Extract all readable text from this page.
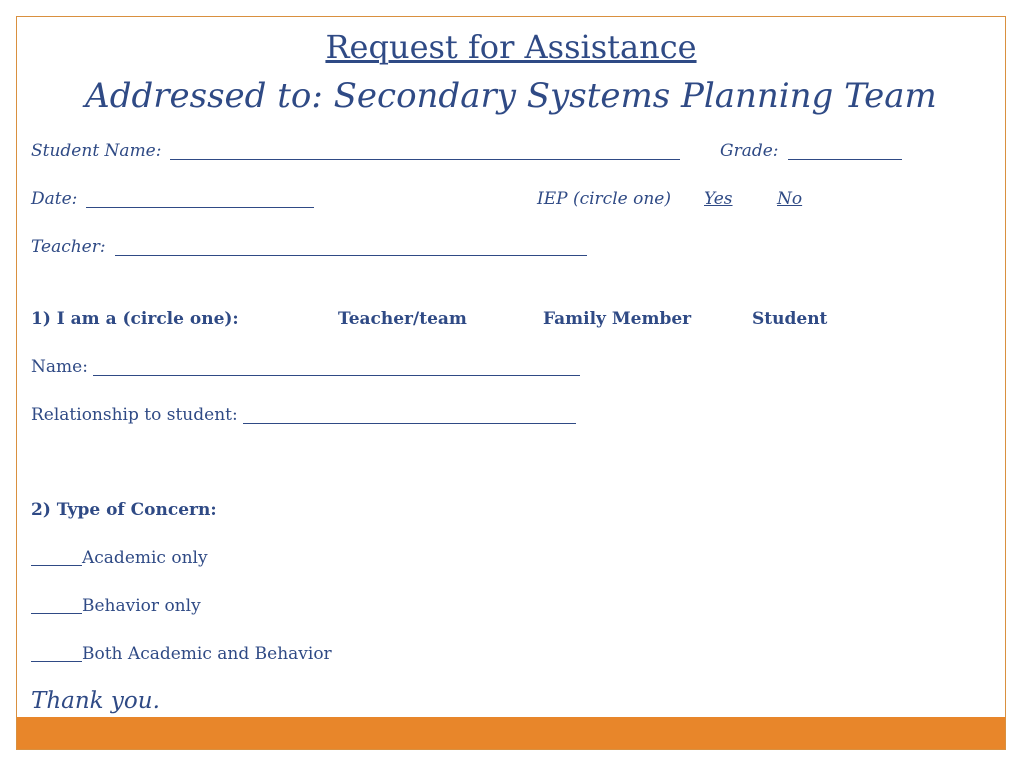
Request for Assistance
Addressed to: Secondary Systems Planning Team
Student Name:	Grade:
Date:	IEP (circle one) Yes	No
Teacher:
1) I am a (circle one):	Teacher/team	Family Member	Student
Name:
Relationship to student:
2) Type of Concern:
Academic only
Behavior only
Both Academic and Behavior
Thank you.
